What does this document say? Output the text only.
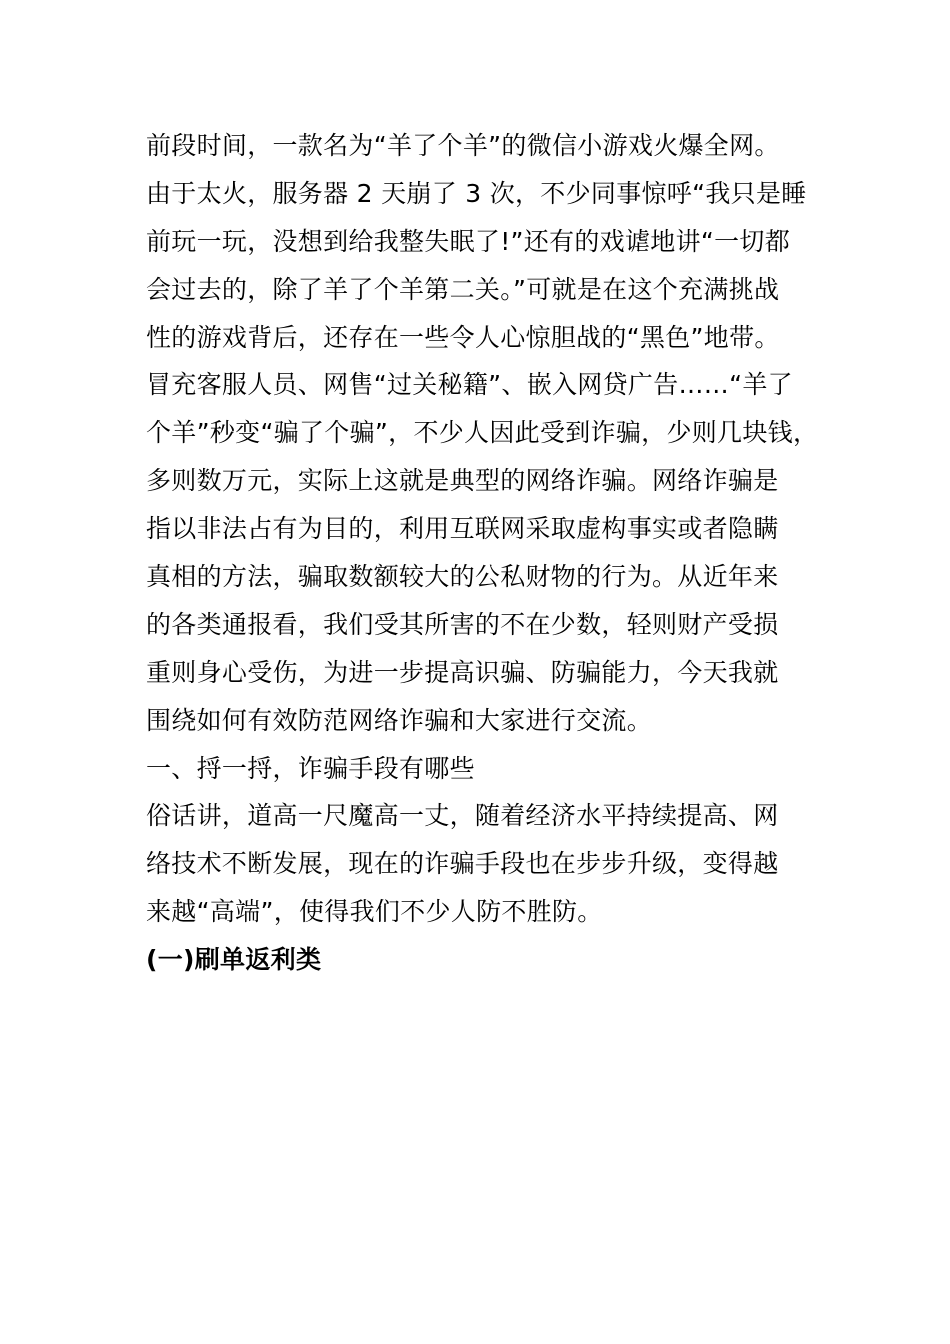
前段时间，一款名为“羊了个羊”的微信小游戏火爆全网。
由于太火，服务器 2 天崩了 3 次，不少同事惊呼“我只是睡
前玩一玩，没想到给我整失眠了!”还有的戏谑地讲“一切都
会过去的，除了羊了个羊第二关。”可就是在这个充满挑战
性的游戏背后，还存在一些令人心惊胆战的“黑色”地带。
冒充客服人员、网售“过关秘籍”、嵌入网贷广告……“羊了
个羊”秒变“骗了个骗”，不少人因此受到诈骗，少则几块钱，
多则数万元，实际上这就是典型的网络诈骗。网络诈骗是
指以非法占有为目的，利用互联网采取虚构事实或者隐瞒
真相的方法，骗取数额较大的公私财物的行为。从近年来
的各类通报看，我们受其所害的不在少数，轻则财产受损
重则身心受伤，为进一步提高识骗、防骗能力，今天我就
围绕如何有效防范网络诈骗和大家进行交流。
一、捋一捋，诈骗手段有哪些
俗话讲，道高一尺魔高一丈，随着经济水平持续提高、网
络技术不断发展，现在的诈骗手段也在步步升级，变得越
来越“高端”，使得我们不少人防不胜防。
(一)刷单返利类
